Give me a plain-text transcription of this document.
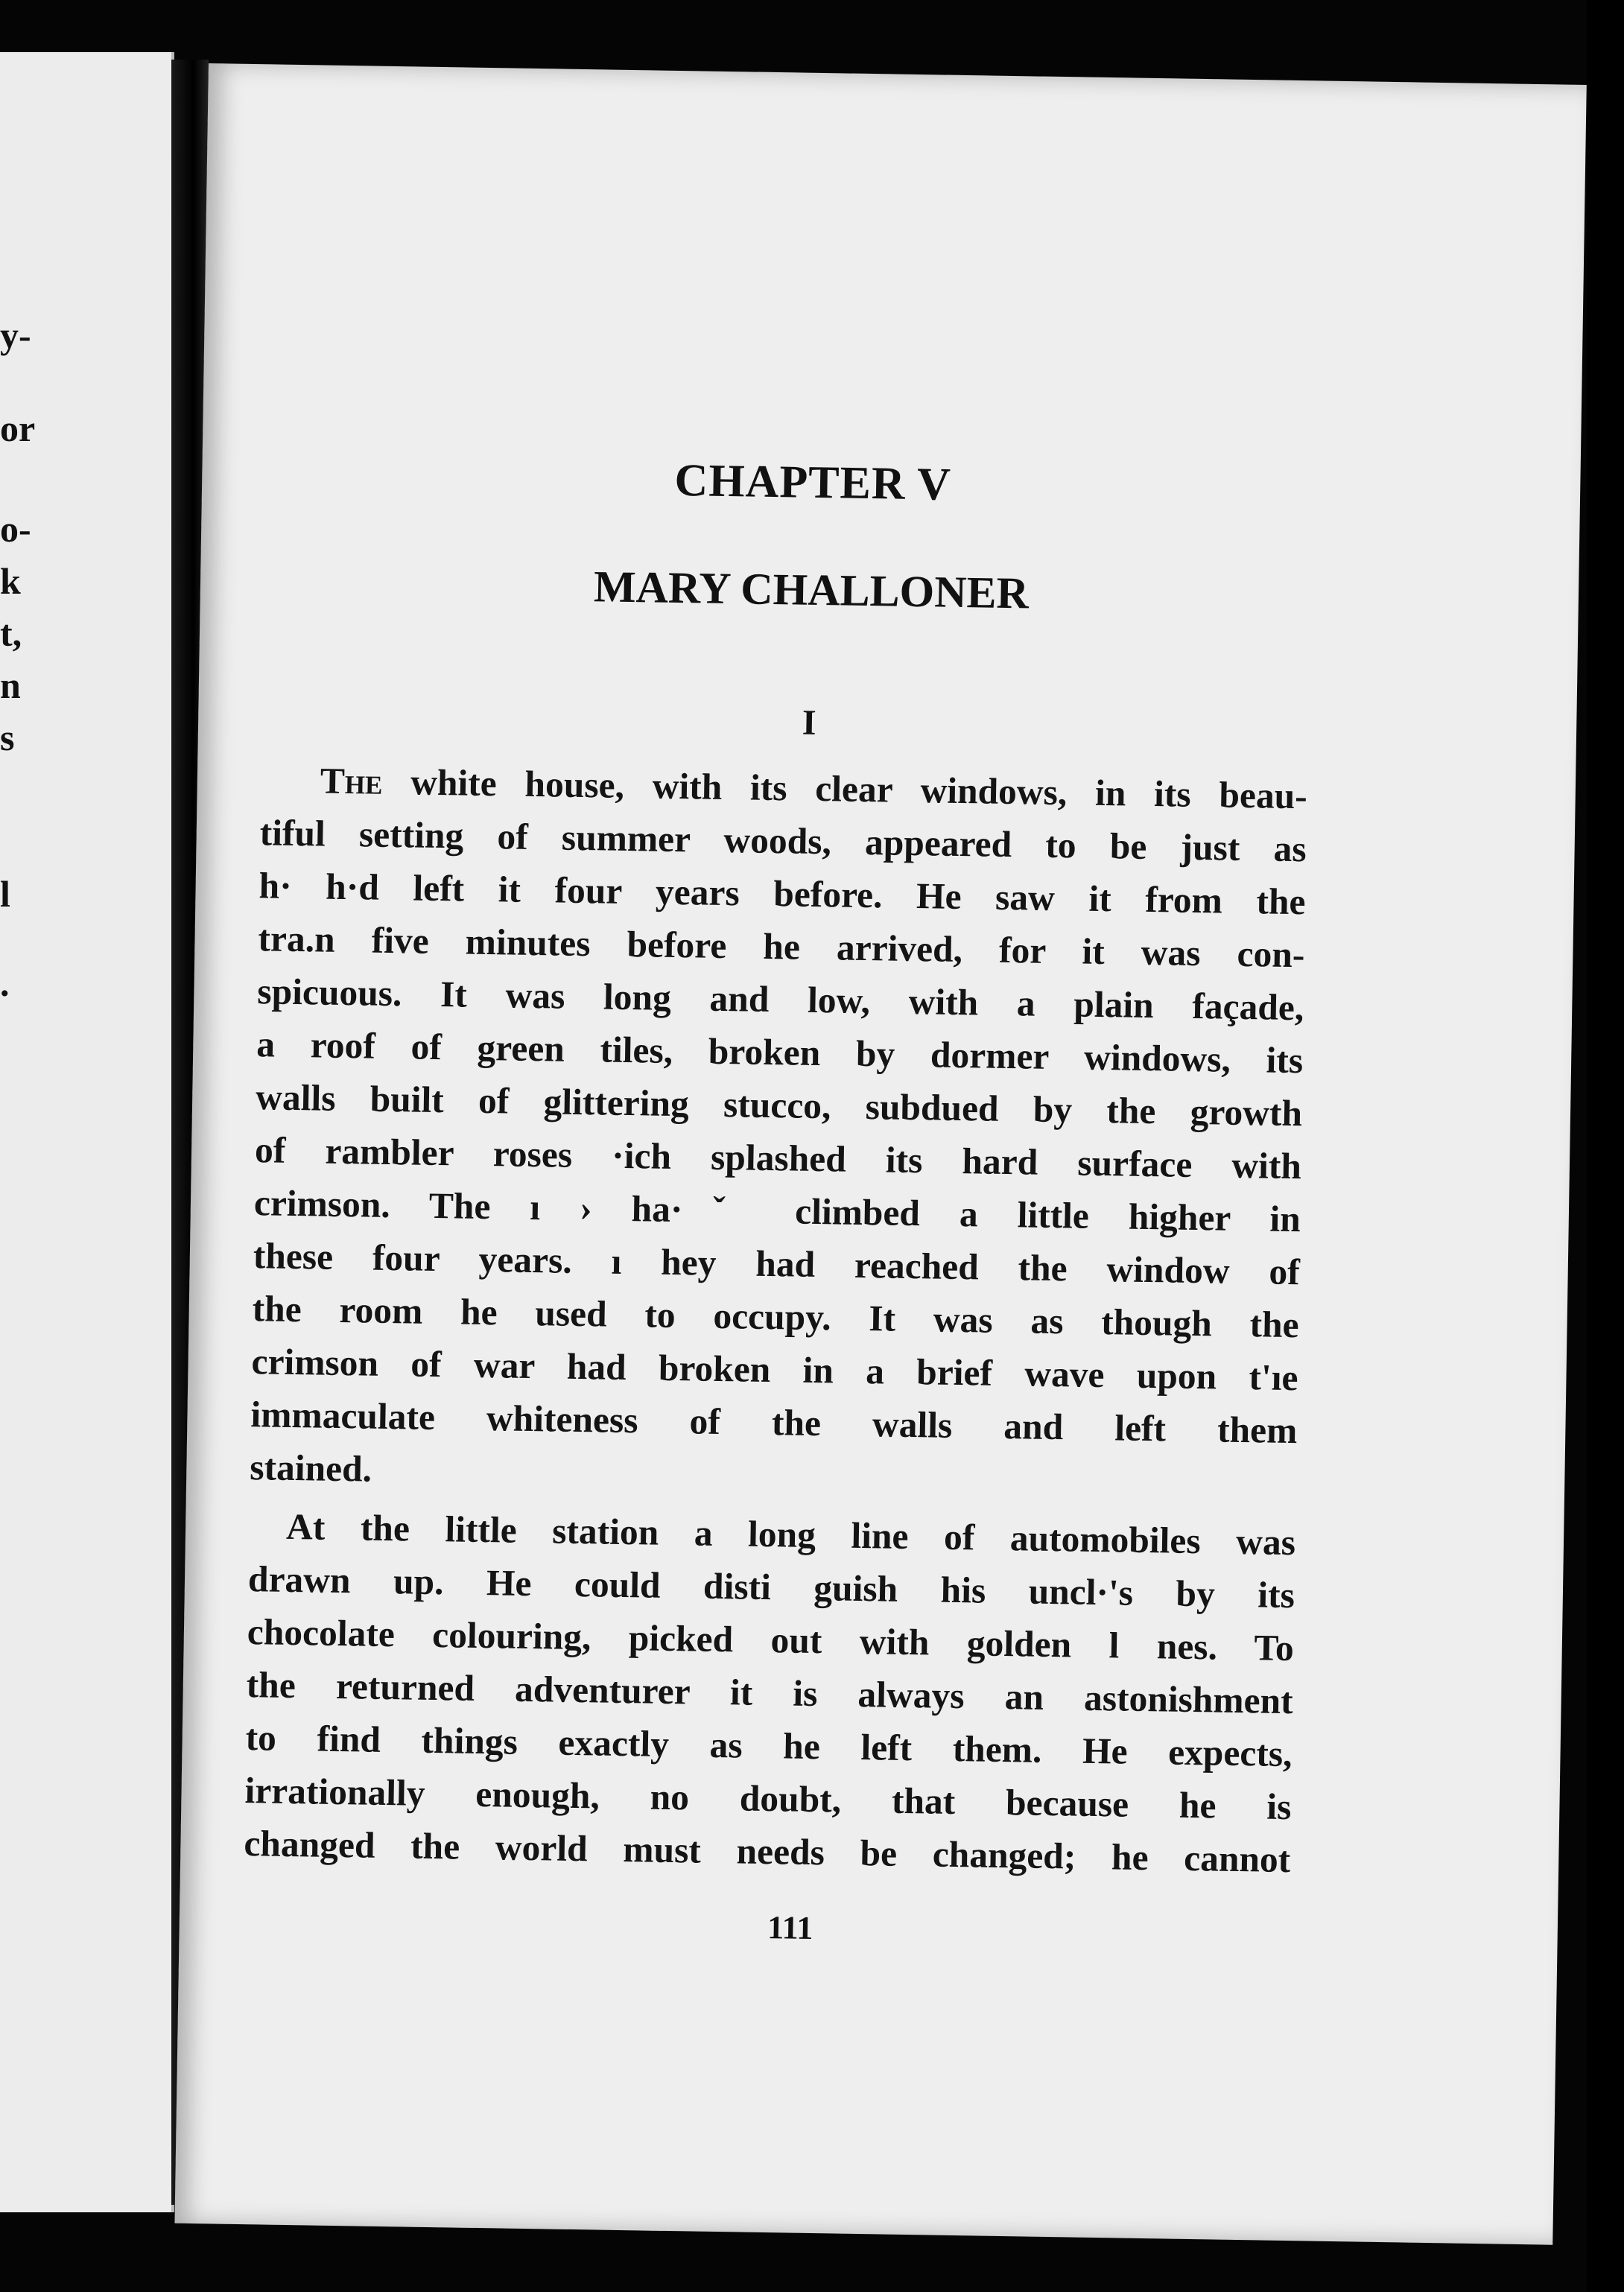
y-
or
o-
k
t,
n
s
l
.
CHAPTER V
MARY CHALLONER
I
The white house, with its clear windows, in its beau-
tiful setting of summer woods, appeared to be just as
h· h·d left it four years before. He saw it from the
tra.n five minutes before he arrived, for it was con-
spicuous. It was long and low, with a plain façade,
a roof of green tiles, broken by dormer windows, its
walls built of glittering stucco, subdued by the growth
of rambler roses ·ich splashed its hard surface with
crimson. The ı › ha·ˇ climbed a little higher in
these four years. ı hey had reached the window of
the room he used to occupy. It was as though the
crimson of war had broken in a brief wave upon t'ıe
immaculate whiteness of the walls and left them
stained.
At the little station a long line of automobiles was
drawn up. He could disti guish his uncl·'s by its
chocolate colouring, picked out with golden l nes. To
the returned adventurer it is always an astonishment
to find things exactly as he left them. He expects,
irrationally enough, no doubt, that because he is
changed the world must needs be changed; he cannot
111
